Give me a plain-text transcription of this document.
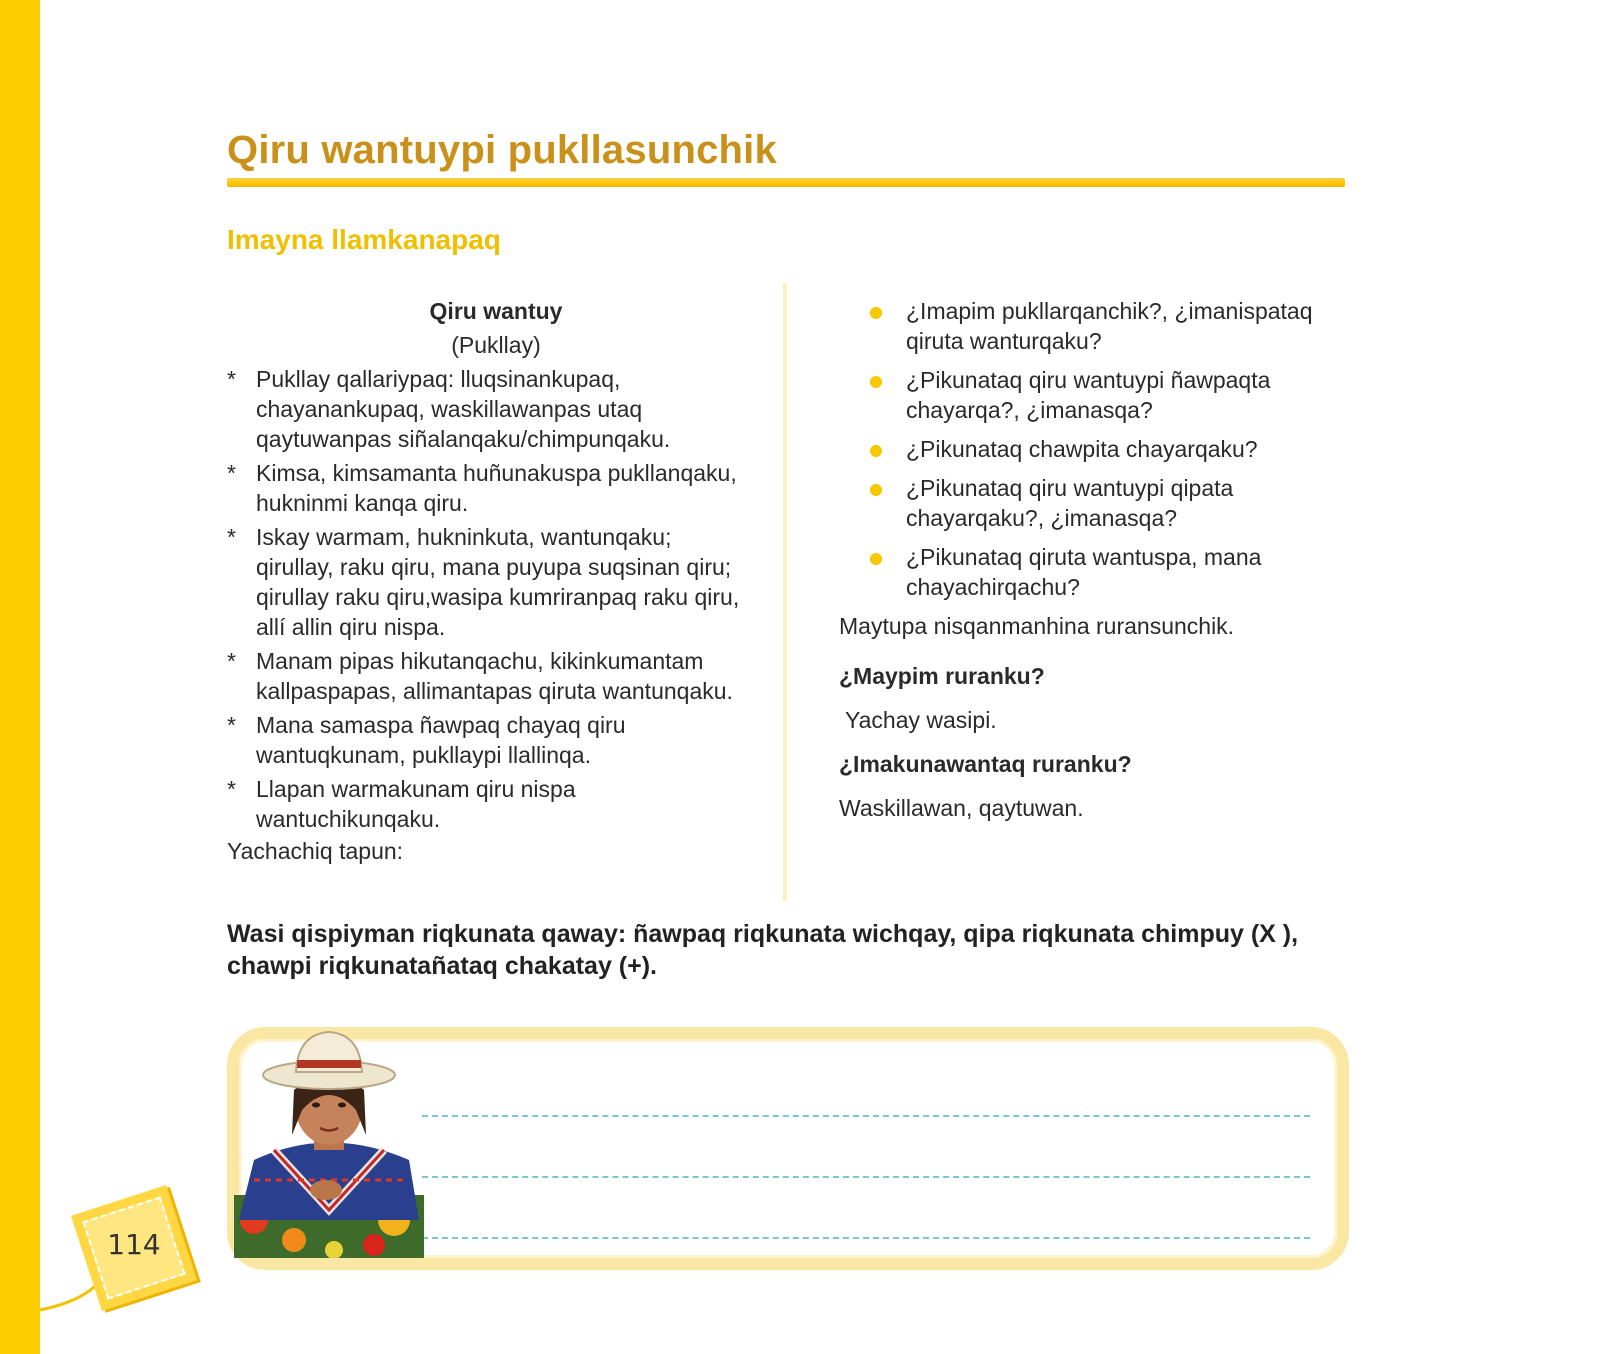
Qiru wantuypi pukllasunchik
Imayna llamkanapaq
Qiru wantuy
(Pukllay)
* Pukllay qallariypaq: lluqsinankupaq, chayanankupaq, waskillawanpas utaq qaytuwanpas siñalanqaku/chimpunqaku.
* Kimsa, kimsamanta huñunakuspa pukllanqaku, hukninmi kanqa qiru.
* Iskay warmam, hukninkuta, wantunqaku; qirullay, raku qiru, mana puyupa suqsinan qiru; qirullay raku qiru,wasipa kumriranpaq raku qiru, allí allin qiru nispa.
* Manam pipas hikutanqachu, kikinkumantam kallpaspapas, allimantapas qiruta wantunqaku.
* Mana samaspa ñawpaq chayaq qiru wantuqkunam, pukllaypi llallinqa.
* Llapan warmakunam qiru nispa wantuchikunqaku.
Yachachiq tapun:
¿Imapim pukllarqanchik?, ¿imanispataq qiruta wanturqaku?
¿Pikunataq qiru wantuypi ñawpaqta chayarqa?, ¿imanasqa?
¿Pikunataq chawpita chayarqaku?
¿Pikunataq qiru wantuypi qipata chayarqaku?, ¿imanasqa?
¿Pikunataq qiruta wantuspa, mana chayachirqachu?
Maytupa nisqanmanhina ruransunchik.
¿Maypim ruranku?
Yachay wasipi.
¿Imakunawantaq ruranku?
Waskillawan, qaytuwan.

Wasi qispiyman riqkunata qaway: ñawpaq riqkunata wichqay, qipa riqkunata chimpuy (X ), chawpi riqkunatañataq chakatay (+).

114
